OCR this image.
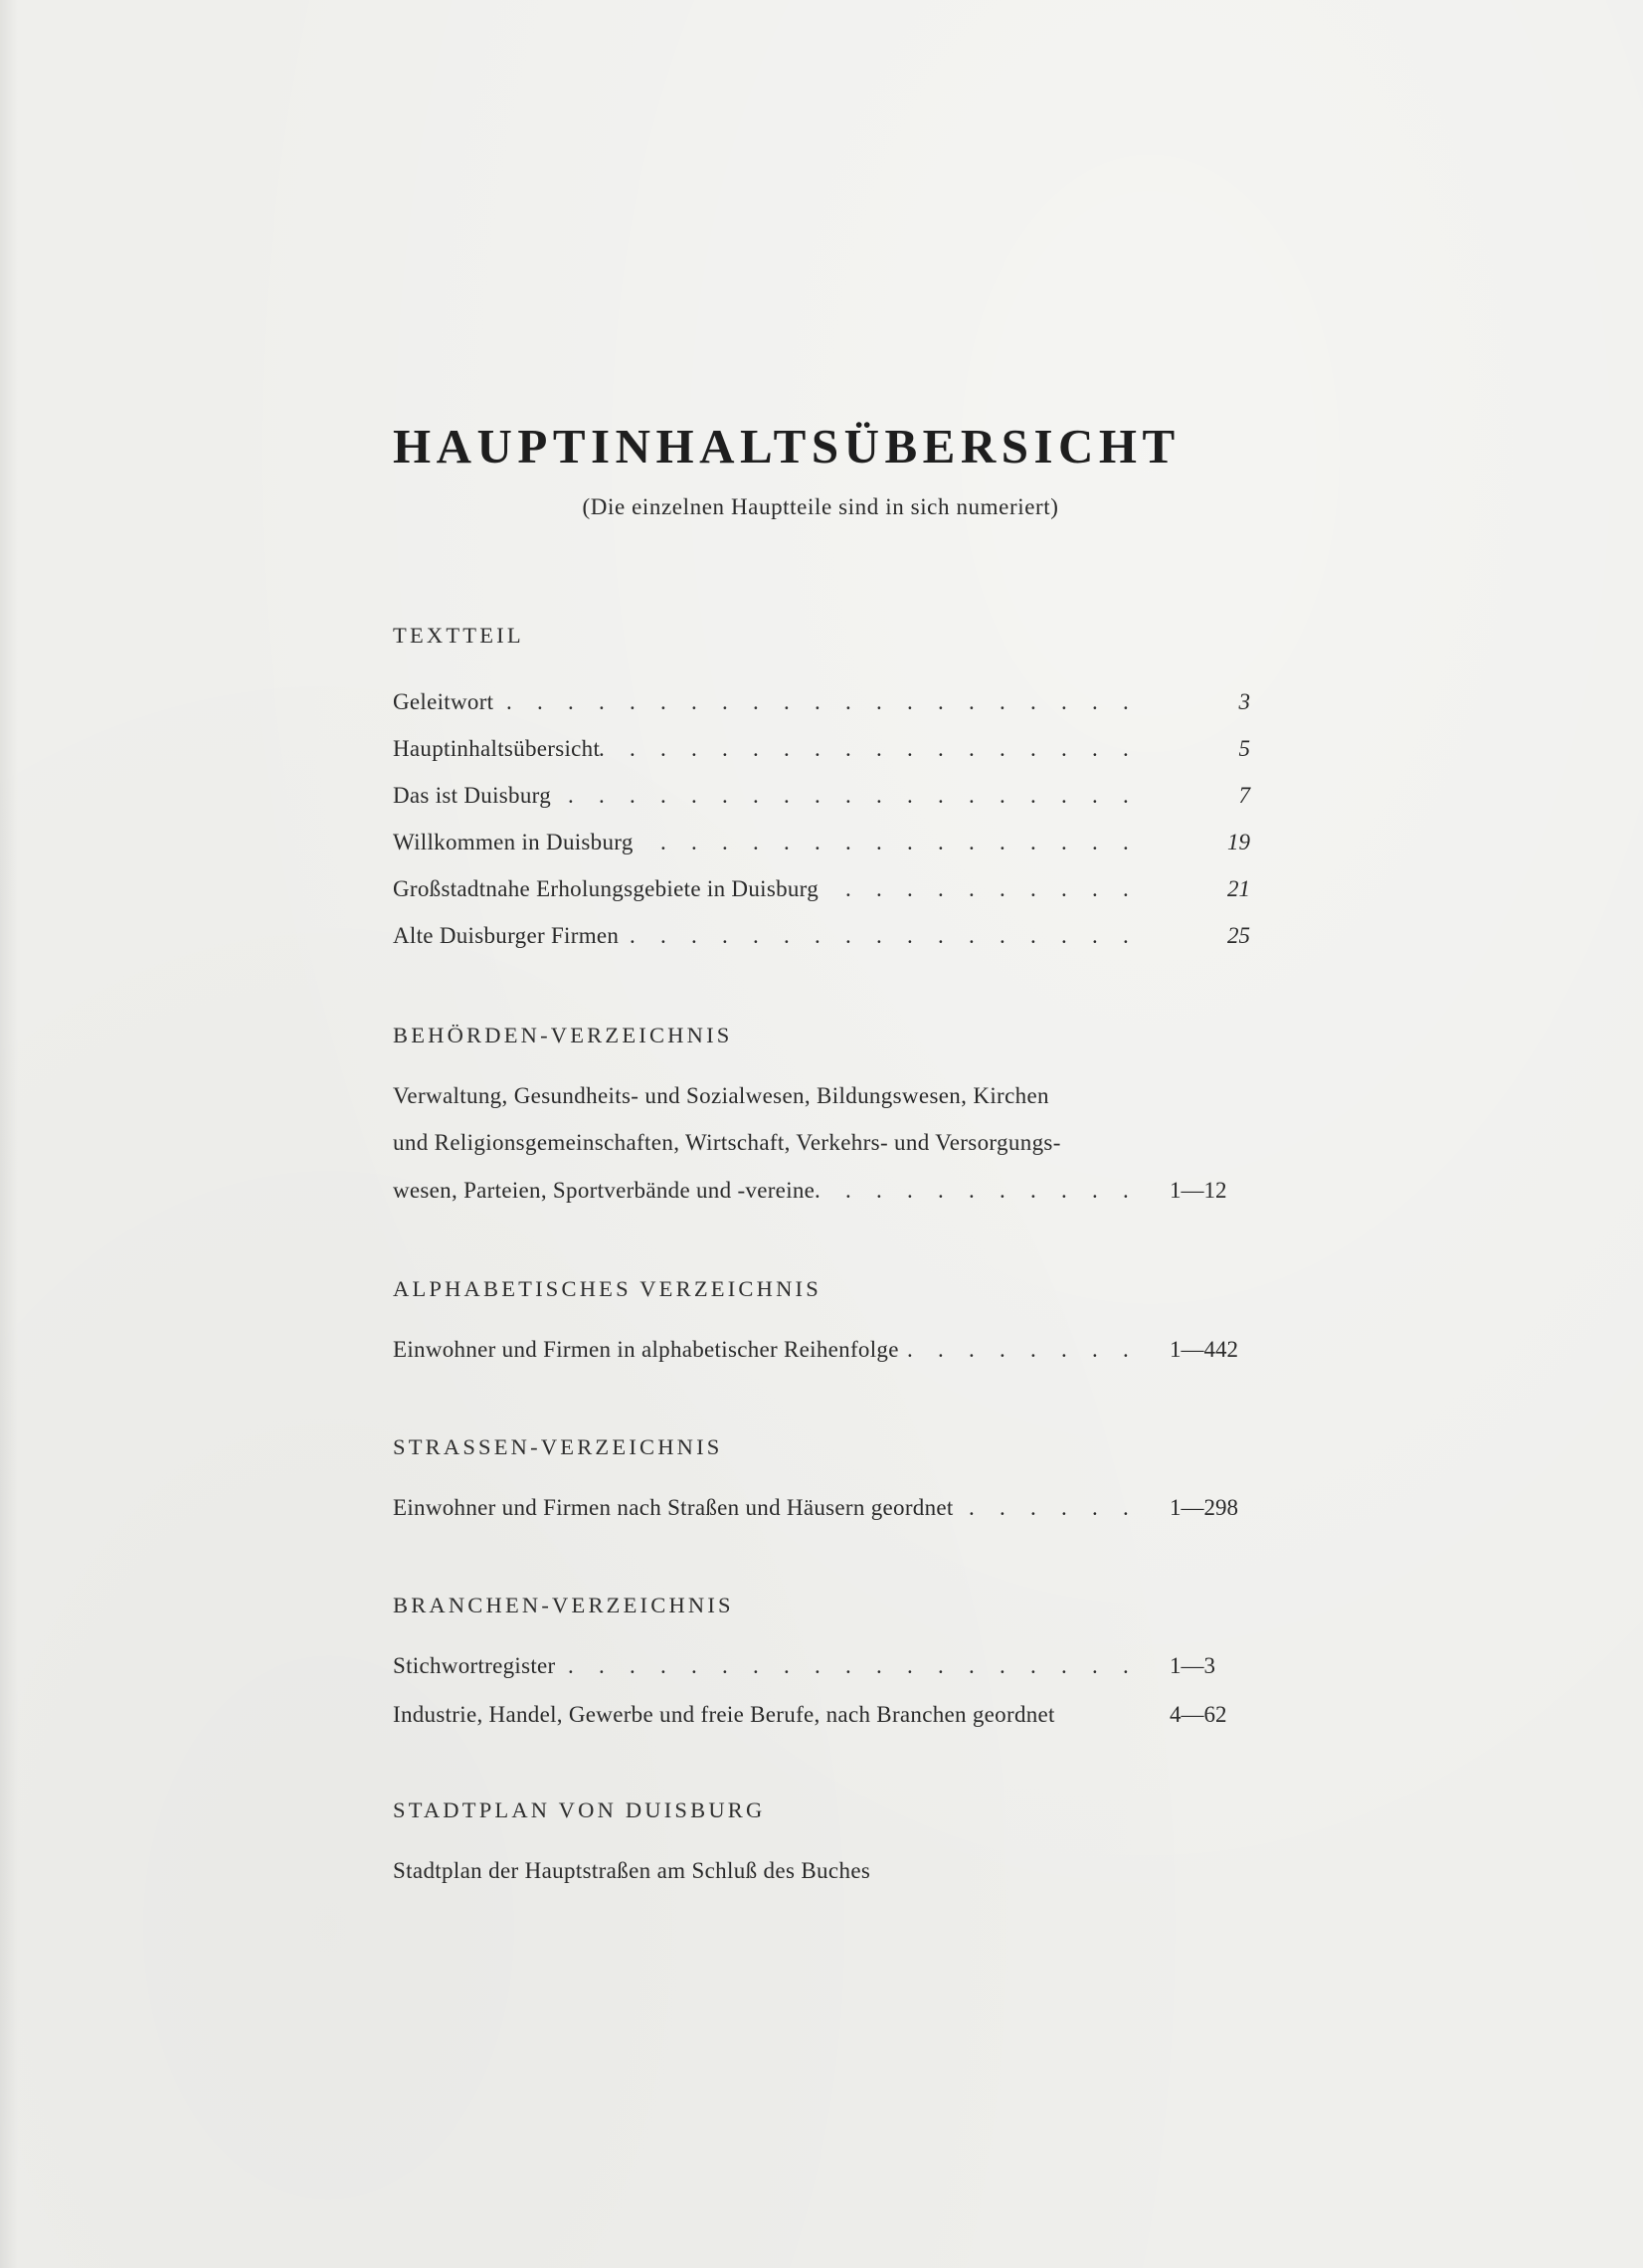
HAUPTINHALTSÜBERSICHT
(Die einzelnen Hauptteile sind in sich numeriert)
TEXTTEIL
. . . . . . . . . . . . . . . . . . . . .
Geleitwort	3
. . . . . . . . . . . . . . . . . .
Hauptinhaltsübersicht	5
. . . . . . . . . . . . . . . . . . .
Das ist Duisburg	7
. . . . . . . . . . . . . . . .
Willkommen in Duisburg	19
. . . . . . . . . .
Großstadtnahe Erholungsgebiete in Duisburg	21
. . . . . . . . . . . . . . . . .
Alte Duisburger Firmen	25
BEHÖRDEN-VERZEICHNIS
Verwaltung, Gesundheits- und Sozialwesen, Bildungswesen, Kirchen
und Religionsgemeinschaften, Wirtschaft, Verkehrs- und Versorgungs-
. . . . . . . . . . .
wesen, Parteien, Sportverbände und -vereine	1—12
ALPHABETISCHES VERZEICHNIS
. . . . . . . .
Einwohner und Firmen in alphabetischer Reihenfolge	1—442
STRASSEN-VERZEICHNIS
. . . . . .
Einwohner und Firmen nach Straßen und Häusern geordnet	1—298
BRANCHEN-VERZEICHNIS
. . . . . . . . . . . . . . . . . . .
Stichwortregister	1—3
Industrie, Handel, Gewerbe und freie Berufe, nach Branchen geordnet	4—62
STADTPLAN VON DUISBURG
Stadtplan der Hauptstraßen am Schluß des Buches
